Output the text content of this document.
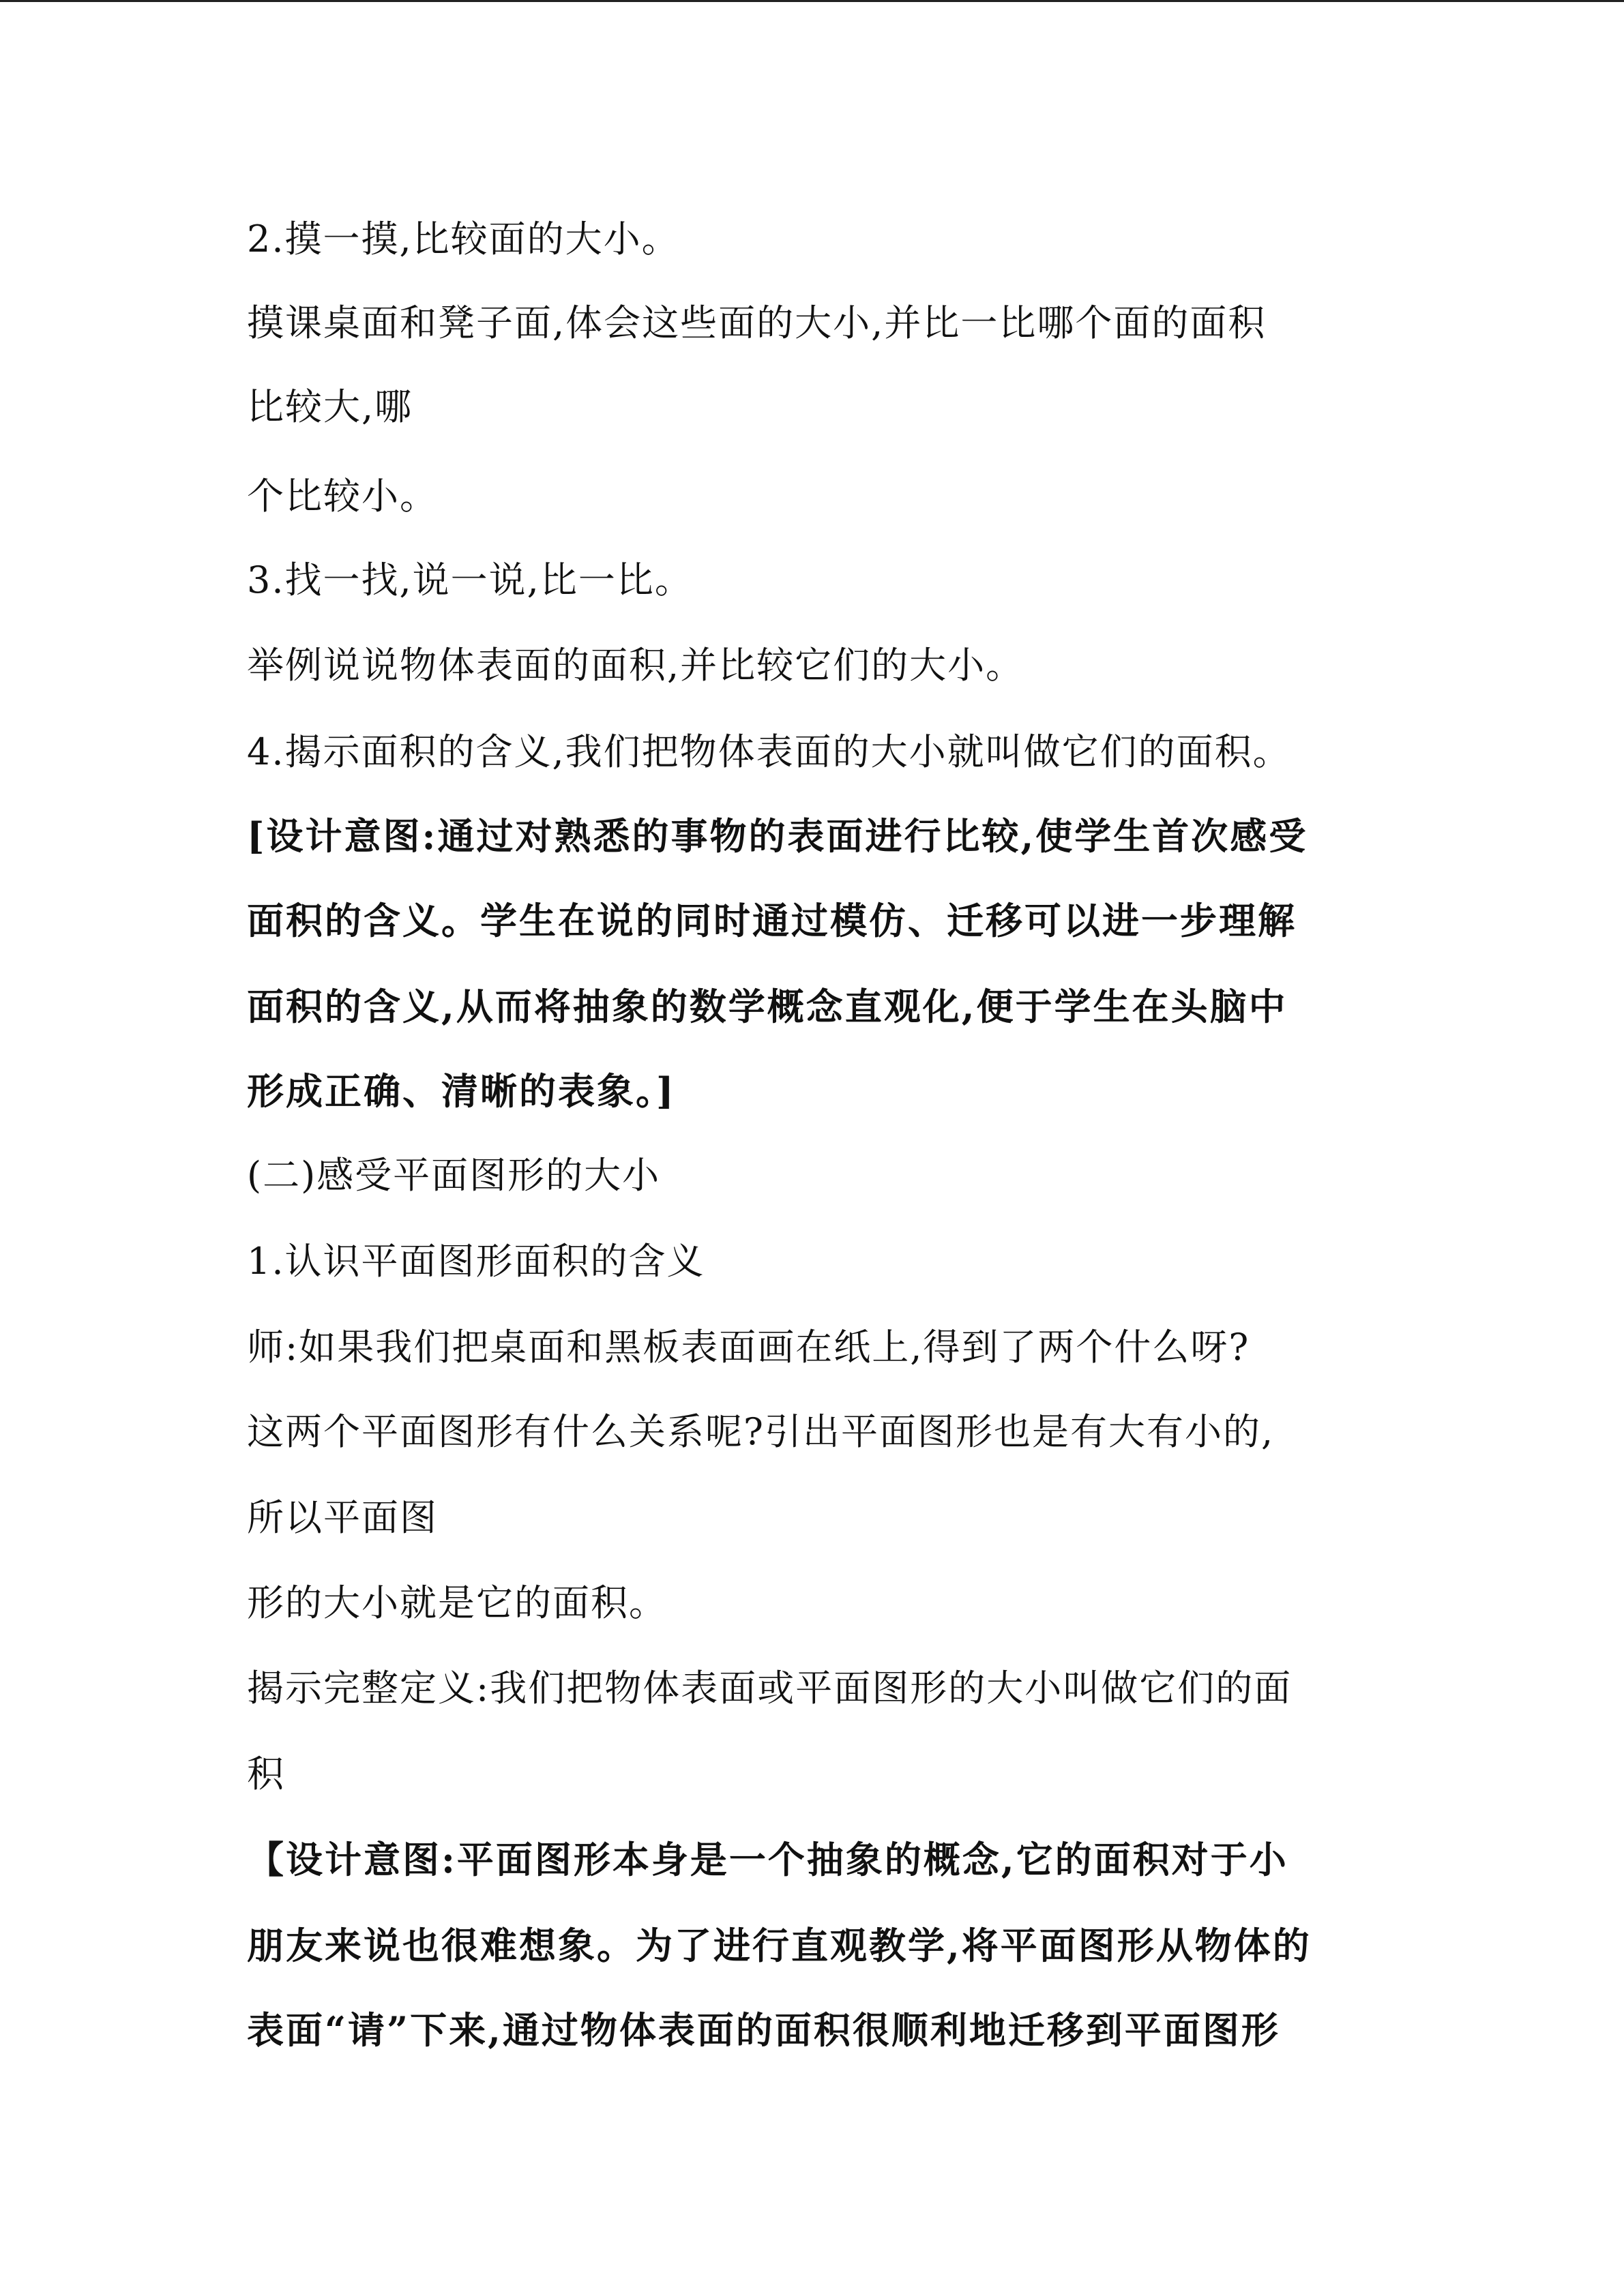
2.摸一摸,比较面的大小。

摸课桌面和凳子面,体会这些面的大小,并比一比哪个面的面积

比较大,哪

个比较小。

3.找一找,说一说,比一比。

举例说说物体表面的面积,并比较它们的大小。

4.揭示面积的含义,我们把物体表面的大小就叫做它们的面积。

[设计意图:通过对熟悉的事物的表面进行比较,使学生首次感受

面积的含义。学生在说的同时通过模仿、迁移可以进一步理解

面积的含义,从而将抽象的数学概念直观化,便于学生在头脑中

形成正确、清晰的表象。]

(二)感受平面图形的大小

1.认识平面图形面积的含义

师:如果我们把桌面和黑板表面画在纸上,得到了两个什么呀?

这两个平面图形有什么关系呢?引出平面图形也是有大有小的,

所以平面图

形的大小就是它的面积。

揭示完整定义:我们把物体表面或平面图形的大小叫做它们的面

积

【设计意图:平面图形本身是一个抽象的概念,它的面积对于小

朋友来说也很难想象。为了进行直观教学,将平面图形从物体的

表面“请”下来,通过物体表面的面积很顺利地迁移到平面图形
